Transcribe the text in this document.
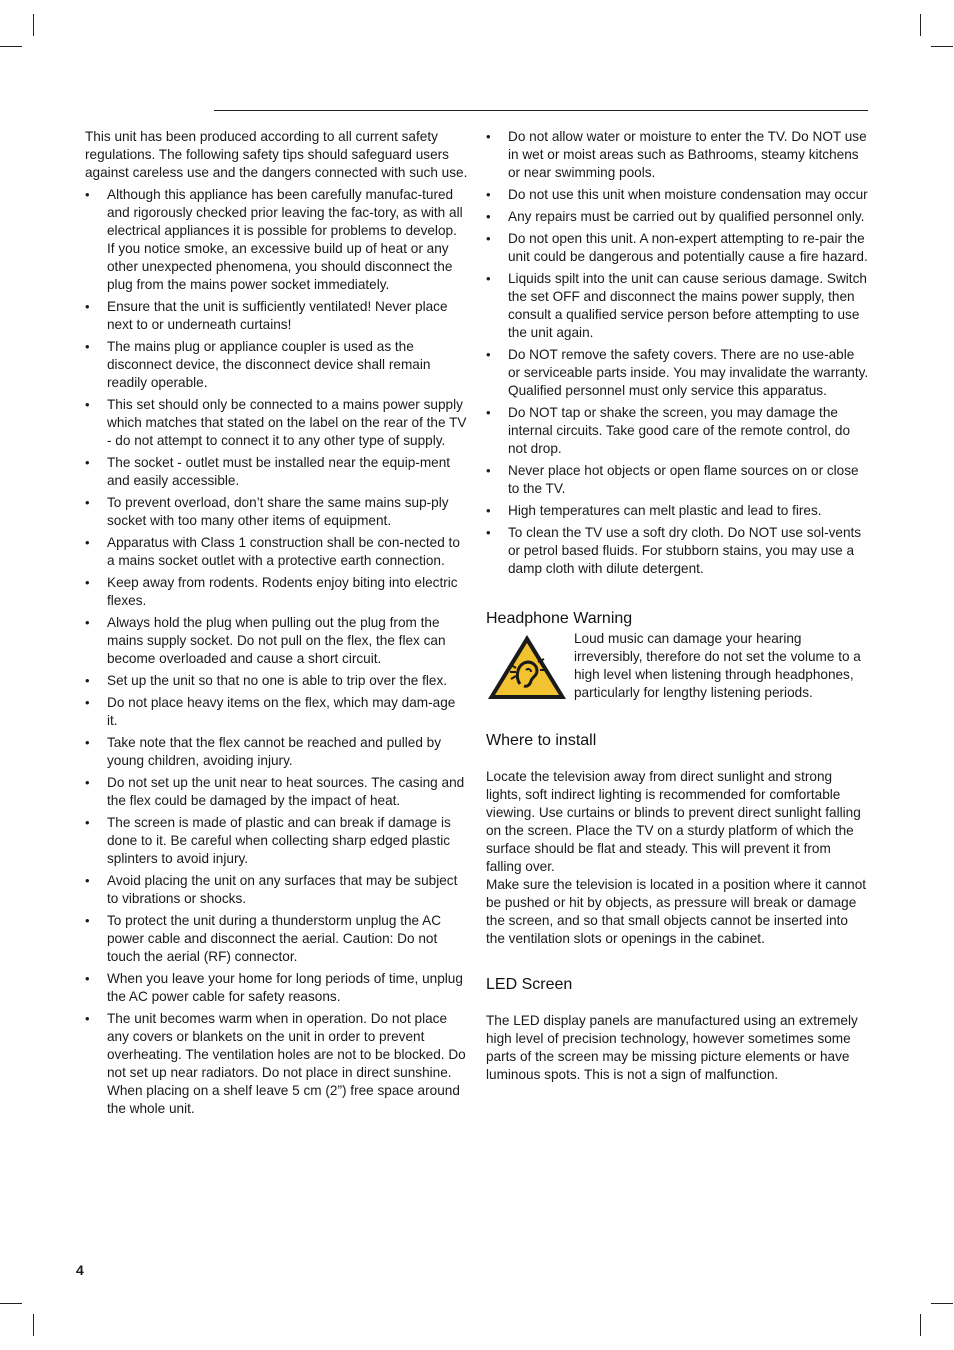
This unit has been produced according to all current safety regulations. The following safety tips should safeguard users against careless use and the dangers connected with such use.

• Although this appliance has been carefully manufac-tured and rigorously checked prior leaving the fac-tory, as with all electrical appliances it is possible for problems to develop. If you notice smoke, an excessive build up of heat or any other unexpected phenomena, you should disconnect the plug from the mains power socket immediately.
• Ensure that the unit is sufficiently ventilated! Never place next to or underneath curtains!
• The mains plug or appliance coupler is used as the disconnect device, the disconnect device shall remain readily operable.
• This set should only be connected to a mains power supply which matches that stated on the label on the rear of the TV - do not attempt to connect it to any other type of supply.
• The socket - outlet must be installed near the equip-ment and easily accessible.
• To prevent overload, don’t share the same mains sup-ply socket with too many other items of equipment.
• Apparatus with Class 1 construction shall be con-nected to a mains socket outlet with a protective earth connection.
• Keep away from rodents. Rodents enjoy biting into electric flexes.
• Always hold the plug when pulling out the plug from the mains supply socket. Do not pull on the flex, the flex can become overloaded and cause a short circuit.
• Set up the unit so that no one is able to trip over the flex.
• Do not place heavy items on the flex, which may dam-age it.
• Take note that the flex cannot be reached and pulled by young children, avoiding injury.
• Do not set up the unit near to heat sources. The casing and the flex could be damaged by the impact of heat.
• The screen is made of plastic and can break if damage is done to it. Be careful when collecting sharp edged plastic splinters to avoid injury.
• Avoid placing the unit on any surfaces that may be subject to vibrations or shocks.
• To protect the unit during a thunderstorm unplug the AC power cable and disconnect the aerial. Caution: Do not touch the aerial (RF) connector.
• When you leave your home for long periods of time, unplug the AC power cable for safety reasons.
• The unit becomes warm when in operation. Do not place any covers or blankets on the unit in order to prevent overheating. The ventilation holes are not to be blocked. Do not set up near radiators. Do not place in direct sunshine. When placing on a shelf leave 5 cm (2”) free space around the whole unit.
• Do not allow water or moisture to enter the TV. Do NOT use in wet or moist areas such as Bathrooms, steamy kitchens or near swimming pools.
• Do not use this unit when moisture condensation may occur
• Any repairs must be carried out by qualified personnel only.
• Do not open this unit. A non-expert attempting to re-pair the unit could be dangerous and potentially cause a fire hazard.
• Liquids spilt into the unit can cause serious damage. Switch the set OFF and disconnect the mains power supply, then consult a qualified service person before attempting to use the unit again.
• Do NOT remove the safety covers. There are no use-able or serviceable parts inside. You may invalidate the warranty. Qualified personnel must only service this apparatus.
• Do NOT tap or shake the screen, you may damage the internal circuits. Take good care of the remote control, do not drop.
• Never place hot objects or open flame sources on or close to the TV.
• High temperatures can melt plastic and lead to fires.
• To clean the TV use a soft dry cloth. Do NOT use sol-vents or petrol based fluids. For stubborn stains, you may use a damp cloth with dilute detergent.
Headphone Warning
Loud music can damage your hearing irreversibly, therefore do not set the volume to a high level when listening through headphones, particularly for lengthy listening periods.
Where to install

Locate the television away from direct sunlight and strong lights, soft indirect lighting is recommended for comfortable viewing. Use curtains or blinds to prevent direct sunlight falling on the screen. Place the TV on a sturdy platform of which the surface should be flat and steady. This will prevent it from falling over.

Make sure the television is located in a position where it cannot be pushed or hit by objects, as pressure will break or damage the screen, and so that small objects cannot be inserted into the ventilation slots or openings in the cabinet.

LED Screen

The LED display panels are manufactured using an extremely high level of precision technology, however sometimes some parts of the screen may be missing picture elements or have luminous spots. This is not a sign of malfunction.

4
